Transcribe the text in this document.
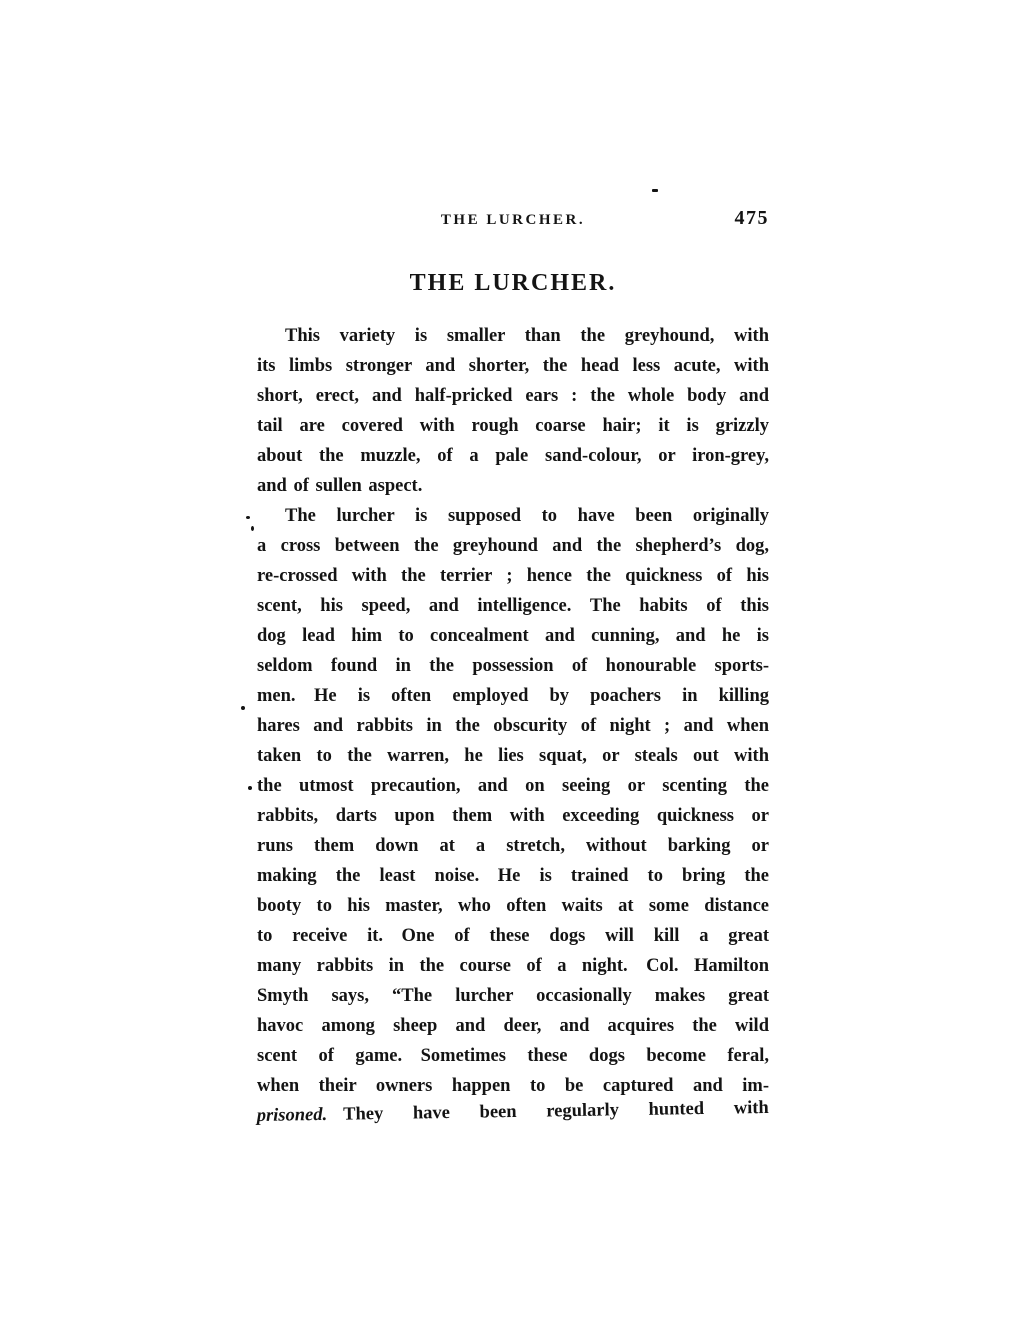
THE LURCHER.	475
THE LURCHER.
This variety is smaller than the greyhound, with
its limbs stronger and shorter, the head less acute, with
short, erect, and half-pricked ears : the whole body and
tail are covered with rough coarse hair; it is grizzly
about the muzzle, of a pale sand-colour, or iron-grey,
and of sullen aspect.
The lurcher is supposed to have been originally
a cross between the greyhound and the shepherd’s dog,
re-crossed with the terrier ; hence the quickness of his
scent, his speed, and intelligence. The habits of this
dog lead him to concealment and cunning, and he is
seldom found in the possession of honourable sports-
men. He is often employed by poachers in killing
hares and rabbits in the obscurity of night ; and when
taken to the warren, he lies squat, or steals out with
the utmost precaution, and on seeing or scenting the
rabbits, darts upon them with exceeding quickness or
runs them down at a stretch, without barking or
making the least noise. He is trained to bring the
booty to his master, who often waits at some distance
to receive it. One of these dogs will kill a great
many rabbits in the course of a night. Col. Hamilton
Smyth says, “The lurcher occasionally makes great
havoc among sheep and deer, and acquires the wild
scent of game. Sometimes these dogs become feral,
when their owners happen to be captured and im-
prisoned. They have been regularly hunted with
